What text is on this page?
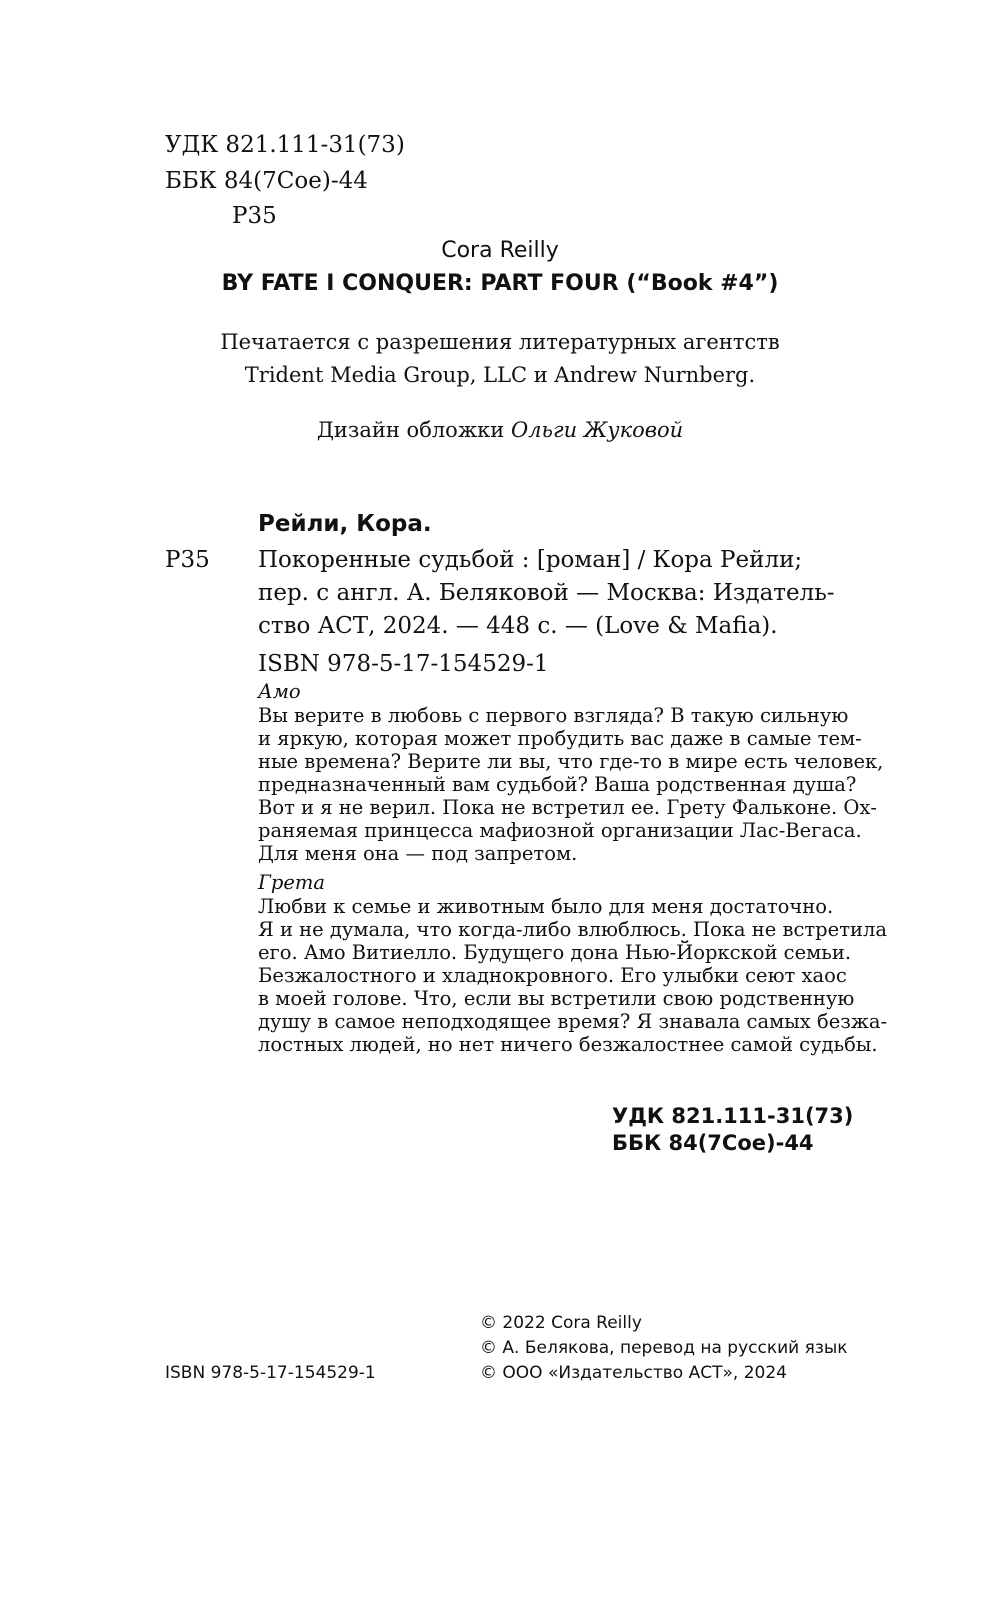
УДК 821.111-31(73)
ББК 84(7Сое)-44
Р35
Cora Reilly
BY FATE I CONQUER: PART FOUR (“Book #4”)
Печатается с разрешения литературных агентств
Trident Media Group, LLC и Andrew Nurnberg.
Дизайн обложки Ольги Жуковой
Рейли, Кора.
Р35 Покоренные судьбой : [роман] / Кора Рейли;
пер. с англ. А. Беляковой — Москва: Издатель-
ство АСТ, 2024. — 448 с. — (Love & Mafia).
ISBN 978-5-17-154529-1
Амо
Вы верите в любовь с первого взгляда? В такую сильную
и яркую, которая может пробудить вас даже в самые тем-
ные времена? Верите ли вы, что где-то в мире есть человек,
предназначенный вам судьбой? Ваша родственная душа?
Вот и я не верил. Пока не встретил ее. Грету Фальконе. Ох-
раняемая принцесса мафиозной организации Лас-Вегаса.
Для меня она — под запретом.
Грета
Любви к семье и животным было для меня достаточно.
Я и не думала, что когда-либо влюблюсь. Пока не встретила
его. Амо Витиелло. Будущего дона Нью-Йоркской семьи.
Безжалостного и хладнокровного. Его улыбки сеют хаос
в моей голове. Что, если вы встретили свою родственную
душу в самое неподходящее время? Я знавала самых безжа-
лостных людей, но нет ничего безжалостнее самой судьбы.
УДК 821.111-31(73)
ББК 84(7Сое)-44
© 2022 Cora Reilly
© А. Белякова, перевод на русский язык
© ООО «Издательство АСТ», 2024
ISBN 978-5-17-154529-1
